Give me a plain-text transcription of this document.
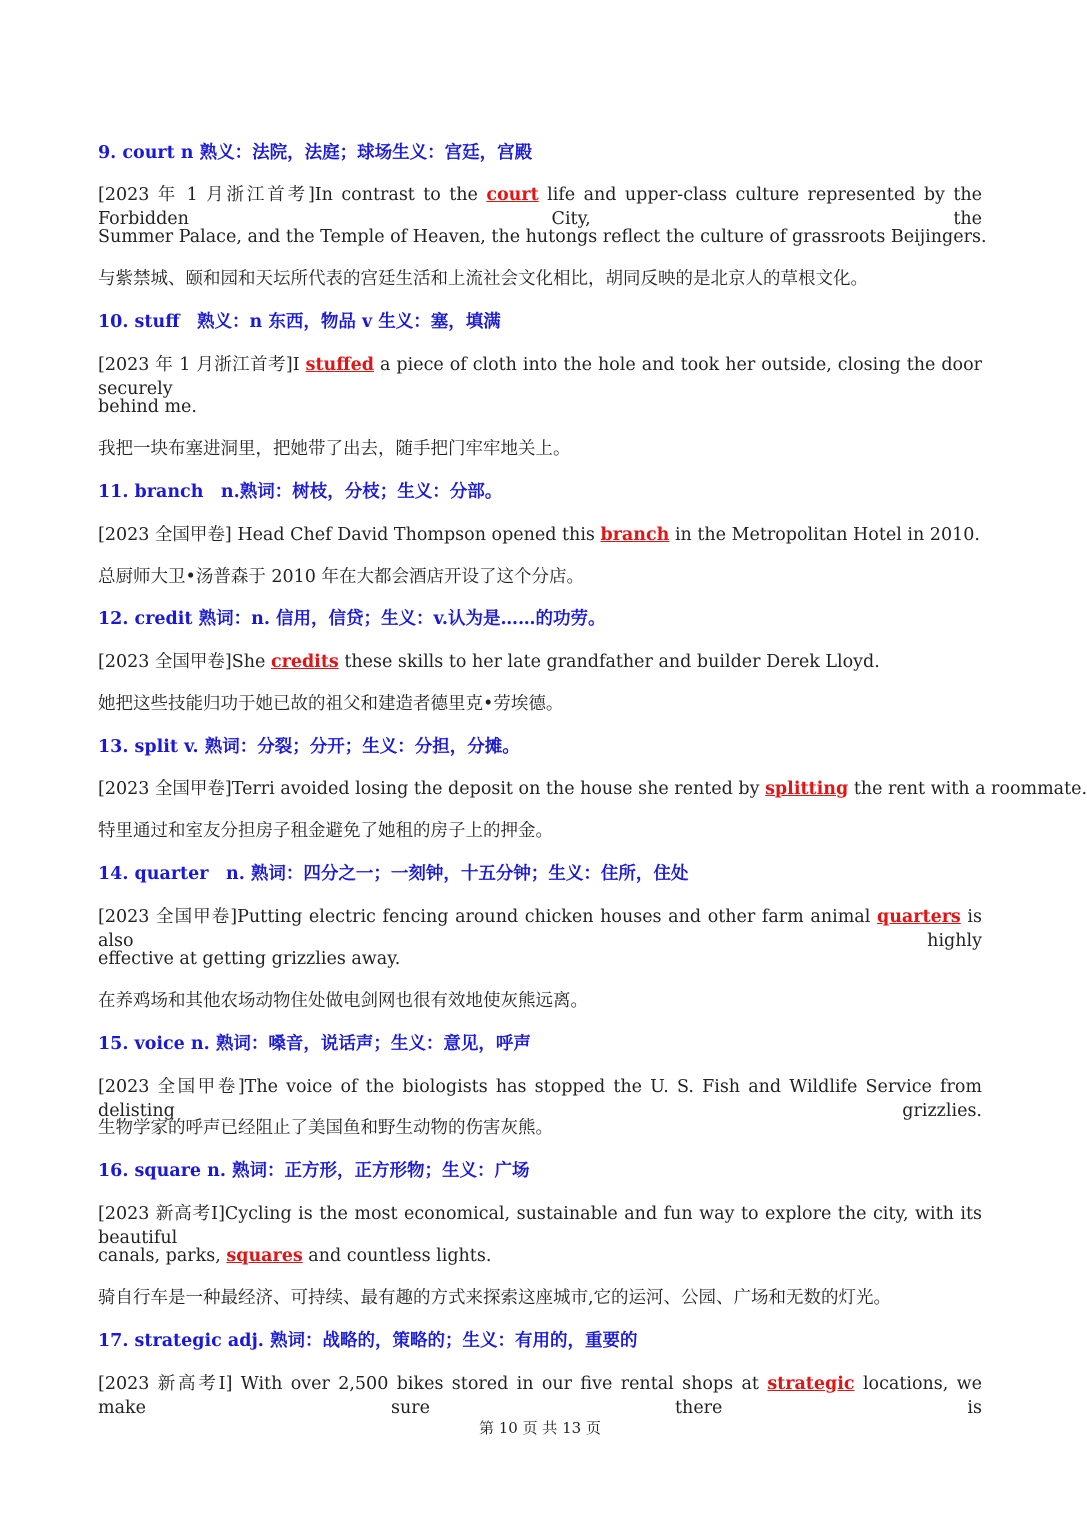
9. court n 熟义：法院，法庭；球场生义：宫廷，宫殿
[2023 年 1 月浙江首考]In contrast to the court life and upper-class culture represented by the Forbidden City, the
Summer Palace, and the Temple of Heaven, the hutongs reflect the culture of grassroots Beijingers.
与紫禁城、颐和园和天坛所代表的宫廷生活和上流社会文化相比，胡同反映的是北京人的草根文化。
10. stuff　熟义：n 东西，物品 v 生义：塞，填满
[2023 年 1 月浙江首考]I stuffed a piece of cloth into the hole and took her outside, closing the door securely
behind me.
我把一块布塞进洞里，把她带了出去，随手把门牢牢地关上。
11. branch　n.熟词：树枝，分枝；生义：分部。
[2023 全国甲卷] Head Chef David Thompson opened this branch in the Metropolitan Hotel in 2010.
总厨师大卫•汤普森于 2010 年在大都会酒店开设了这个分店。
12. credit 熟词：n. 信用，信贷；生义：v.认为是……的功劳。
[2023 全国甲卷]She credits these skills to her late grandfather and builder Derek Lloyd.
她把这些技能归功于她已故的祖父和建造者德里克•劳埃德。
13. split v. 熟词：分裂；分开；生义：分担，分摊。
[2023 全国甲卷]Terri avoided losing the deposit on the house she rented by splitting the rent with a roommate.
特里通过和室友分担房子租金避免了她租的房子上的押金。
14. quarter　n. 熟词：四分之一；一刻钟，十五分钟；生义：住所，住处
[2023 全国甲卷]Putting electric fencing around chicken houses and other farm animal quarters is also highly
effective at getting grizzlies away.
在养鸡场和其他农场动物住处做电剑网也很有效地使灰熊远离。
15. voice n. 熟词：嗓音，说话声；生义：意见，呼声
[2023 全国甲卷]The voice of the biologists has stopped the U. S. Fish and Wildlife Service from delisting grizzlies.
生物学家的呼声已经阻止了美国鱼和野生动物的伤害灰熊。
16. square n. 熟词：正方形，正方形物；生义：广场
[2023 新高考I]Cycling is the most economical, sustainable and fun way to explore the city, with its beautiful
canals, parks, squares and countless lights.
骑自行车是一种最经济、可持续、最有趣的方式来探索这座城市,它的运河、公园、广场和无数的灯光。
17. strategic adj. 熟词：战略的，策略的；生义：有用的，重要的
[2023 新高考I] With over 2,500 bikes stored in our five rental shops at strategic locations, we make sure there is
第 10 页 共 13 页
